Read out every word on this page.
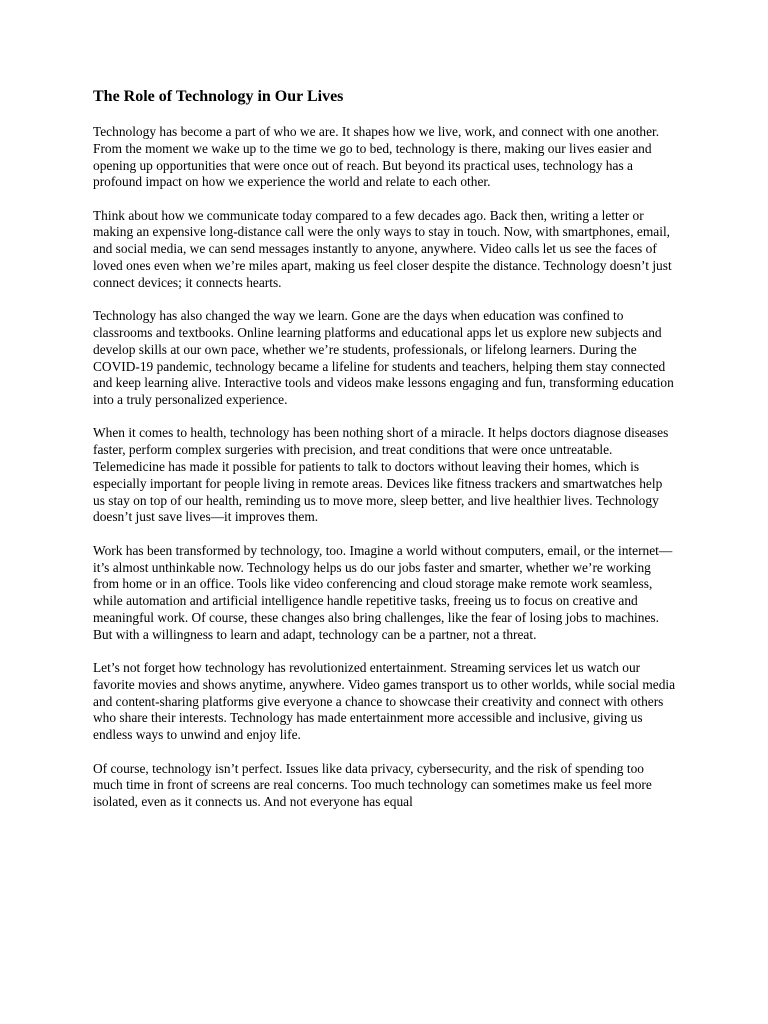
The Role of Technology in Our Lives

Technology has become a part of who we are. It shapes how we live, work, and connect with one another. From the moment we wake up to the time we go to bed, technology is there, making our lives easier and opening up opportunities that were once out of reach. But beyond its practical uses, technology has a profound impact on how we experience the world and relate to each other.

Think about how we communicate today compared to a few decades ago. Back then, writing a letter or making an expensive long-distance call were the only ways to stay in touch. Now, with smartphones, email, and social media, we can send messages instantly to anyone, anywhere. Video calls let us see the faces of loved ones even when we’re miles apart, making us feel closer despite the distance. Technology doesn’t just connect devices; it connects hearts.

Technology has also changed the way we learn. Gone are the days when education was confined to classrooms and textbooks. Online learning platforms and educational apps let us explore new subjects and develop skills at our own pace, whether we’re students, professionals, or lifelong learners. During the COVID-19 pandemic, technology became a lifeline for students and teachers, helping them stay connected and keep learning alive. Interactive tools and videos make lessons engaging and fun, transforming education into a truly personalized experience.

When it comes to health, technology has been nothing short of a miracle. It helps doctors diagnose diseases faster, perform complex surgeries with precision, and treat conditions that were once untreatable. Telemedicine has made it possible for patients to talk to doctors without leaving their homes, which is especially important for people living in remote areas. Devices like fitness trackers and smartwatches help us stay on top of our health, reminding us to move more, sleep better, and live healthier lives. Technology doesn’t just save lives—it improves them.

Work has been transformed by technology, too. Imagine a world without computers, email, or the internet—it’s almost unthinkable now. Technology helps us do our jobs faster and smarter, whether we’re working from home or in an office. Tools like video conferencing and cloud storage make remote work seamless, while automation and artificial intelligence handle repetitive tasks, freeing us to focus on creative and meaningful work. Of course, these changes also bring challenges, like the fear of losing jobs to machines. But with a willingness to learn and adapt, technology can be a partner, not a threat.

Let’s not forget how technology has revolutionized entertainment. Streaming services let us watch our favorite movies and shows anytime, anywhere. Video games transport us to other worlds, while social media and content-sharing platforms give everyone a chance to showcase their creativity and connect with others who share their interests. Technology has made entertainment more accessible and inclusive, giving us endless ways to unwind and enjoy life.

Of course, technology isn’t perfect. Issues like data privacy, cybersecurity, and the risk of spending too much time in front of screens are real concerns. Too much technology can sometimes make us feel more isolated, even as it connects us. And not everyone has equal
